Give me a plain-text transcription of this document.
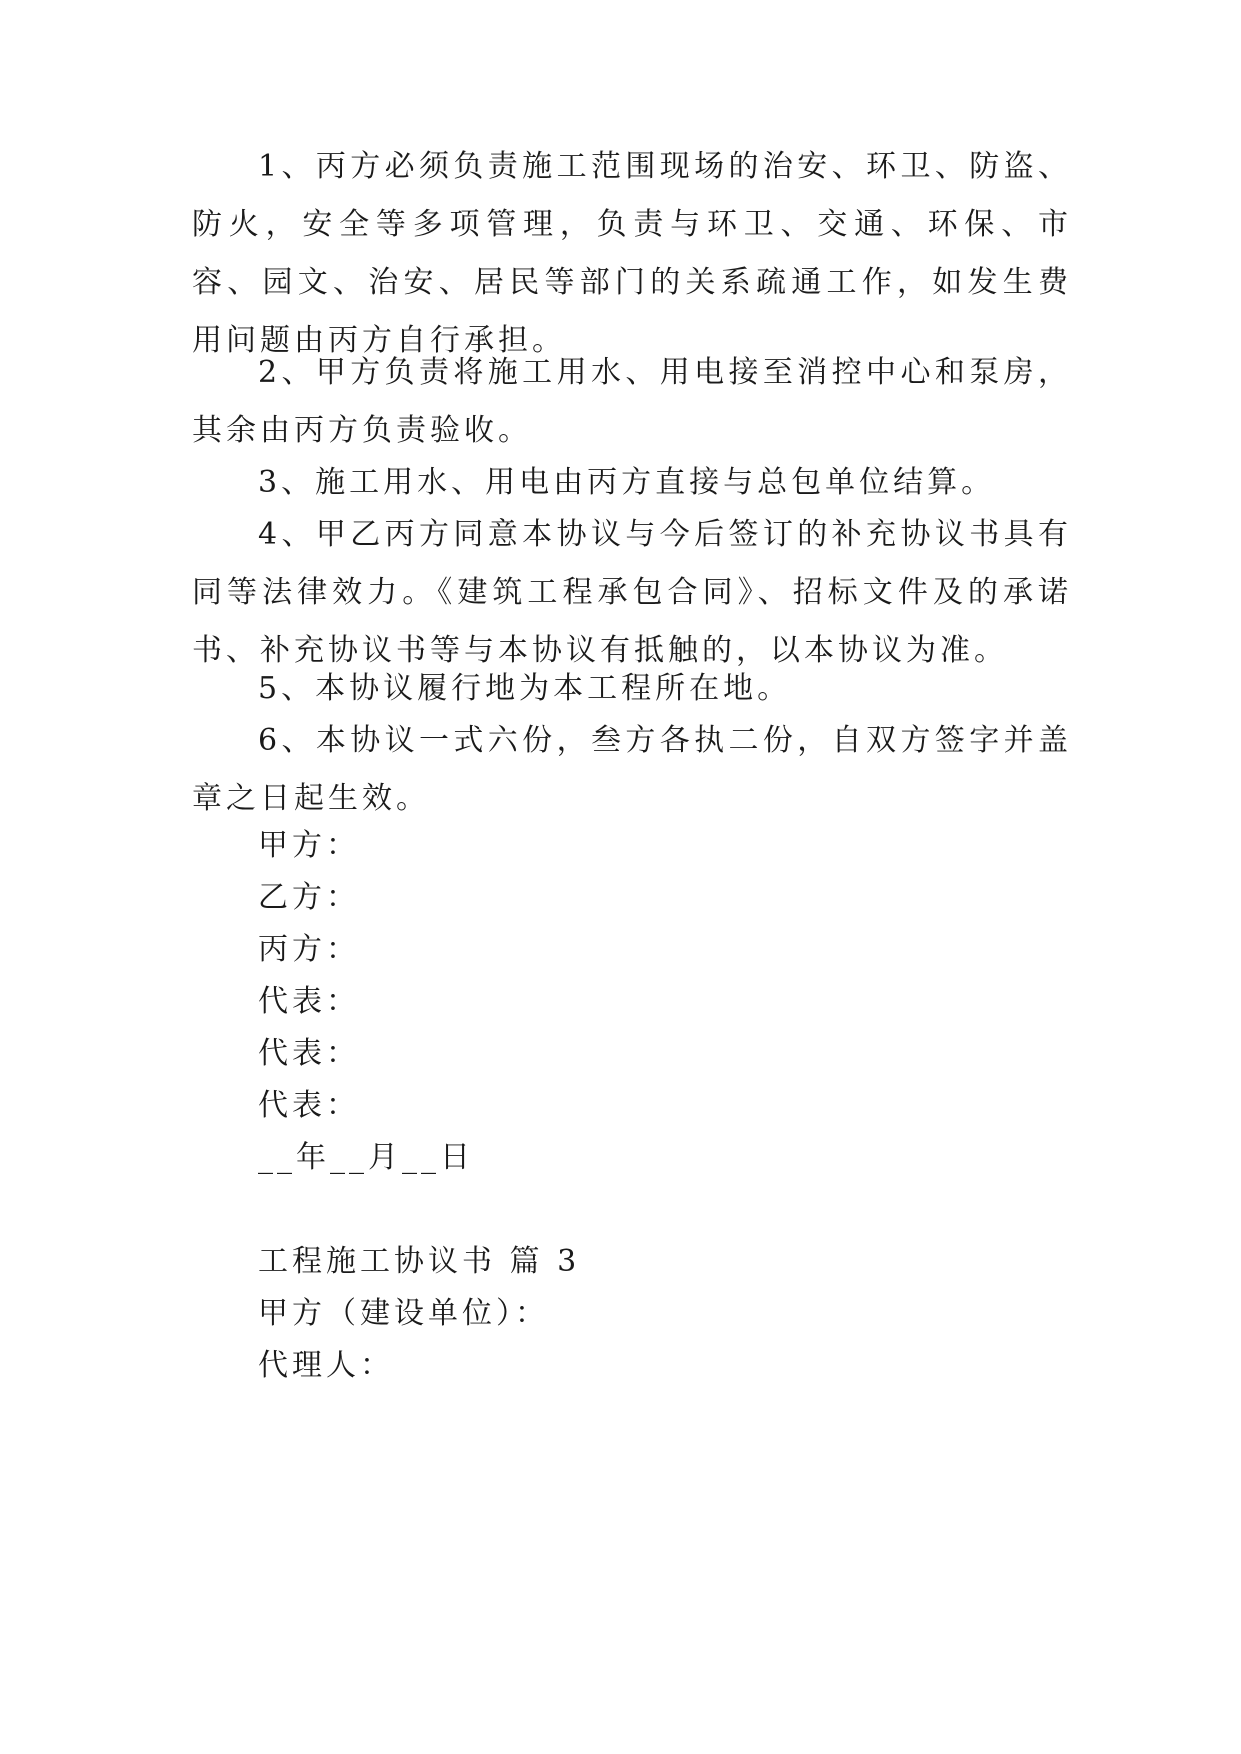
1、丙方必须负责施工范围现场的治安、环卫、防盗、防火，安全等多项管理，负责与环卫、交通、环保、市容、园文、治安、居民等部门的关系疏通工作，如发生费用问题由丙方自行承担。

2、甲方负责将施工用水、用电接至消控中心和泵房，其余由丙方负责验收。

3、施工用水、用电由丙方直接与总包单位结算。

4、甲乙丙方同意本协议与今后签订的补充协议书具有同等法律效力。《建筑工程承包合同》、招标文件及的承诺书、补充协议书等与本协议有抵触的，以本协议为准。

5、本协议履行地为本工程所在地。

6、本协议一式六份，叁方各执二份，自双方签字并盖章之日起生效。

甲方：

乙方：

丙方：

代表：

代表：

代表：

__年__月__日

工程施工协议书 篇 3

甲方（建设单位）：

代理人：
